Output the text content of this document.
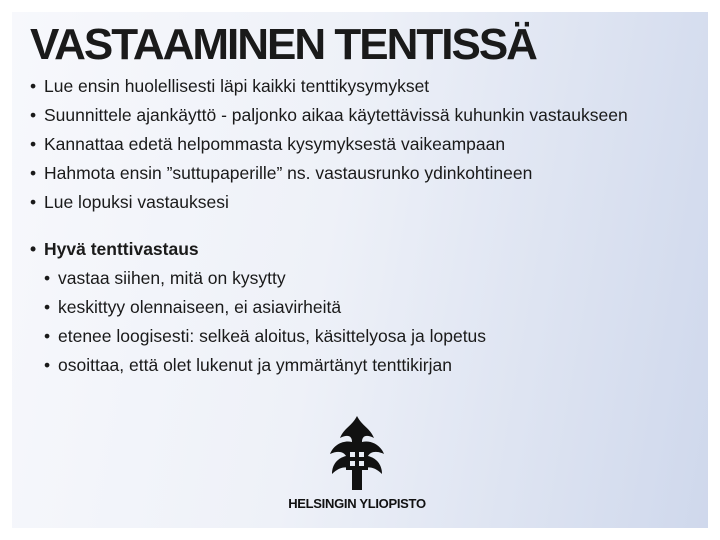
VASTAAMINEN TENTISSÄ
• Lue ensin huolellisesti läpi kaikki tenttikysymykset
• Suunnittele ajankäyttö - paljonko aikaa käytettävissä kuhunkin vastaukseen
• Kannattaa edetä helpommasta kysymyksestä vaikeampaan
• Hahmota ensin ”suttupaperille” ns. vastausrunko ydinkohtineen
• Lue lopuksi vastauksesi
• Hyvä tenttivastaus
• vastaa siihen, mitä on kysytty
• keskittyy olennaiseen, ei asiavirheitä
• etenee loogisesti: selkeä aloitus, käsittelyosa ja lopetus
• osoittaa, että olet lukenut ja ymmärtänyt tenttikirjan
HELSINGIN YLIOPISTO
